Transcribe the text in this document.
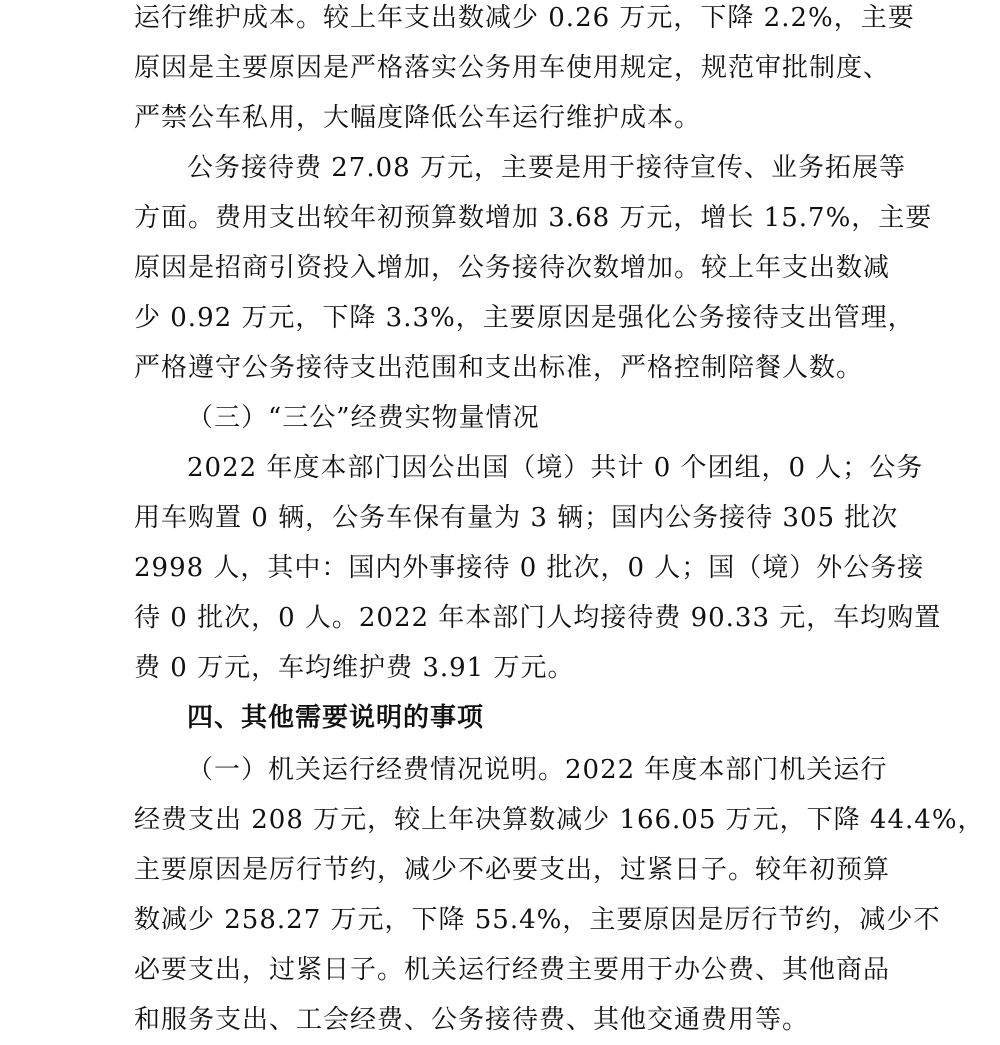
运行维护成本。较上年支出数减少 0.26 万元，下降 2.2%，主要
原因是主要原因是严格落实公务用车使用规定，规范审批制度、
严禁公车私用，大幅度降低公车运行维护成本。
公务接待费 27.08 万元，主要是用于接待宣传、业务拓展等
方面。费用支出较年初预算数增加 3.68 万元，增长 15.7%，主要
原因是招商引资投入增加，公务接待次数增加。较上年支出数减
少 0.92 万元，下降 3.3%，主要原因是强化公务接待支出管理，
严格遵守公务接待支出范围和支出标准，严格控制陪餐人数。
（三）“三公”经费实物量情况
2022 年度本部门因公出国（境）共计 0 个团组，0 人；公务
用车购置 0 辆，公务车保有量为 3 辆；国内公务接待 305 批次
2998 人，其中：国内外事接待 0 批次，0 人；国（境）外公务接
待 0 批次，0 人。2022 年本部门人均接待费 90.33 元，车均购置
费 0 万元，车均维护费 3.91 万元。
四、其他需要说明的事项
（一）机关运行经费情况说明。2022 年度本部门机关运行
经费支出 208 万元，较上年决算数减少 166.05 万元，下降 44.4%，
主要原因是厉行节约，减少不必要支出，过紧日子。较年初预算
数减少 258.27 万元，下降 55.4%，主要原因是厉行节约，减少不
必要支出，过紧日子。机关运行经费主要用于办公费、其他商品
和服务支出、工会经费、公务接待费、其他交通费用等。
